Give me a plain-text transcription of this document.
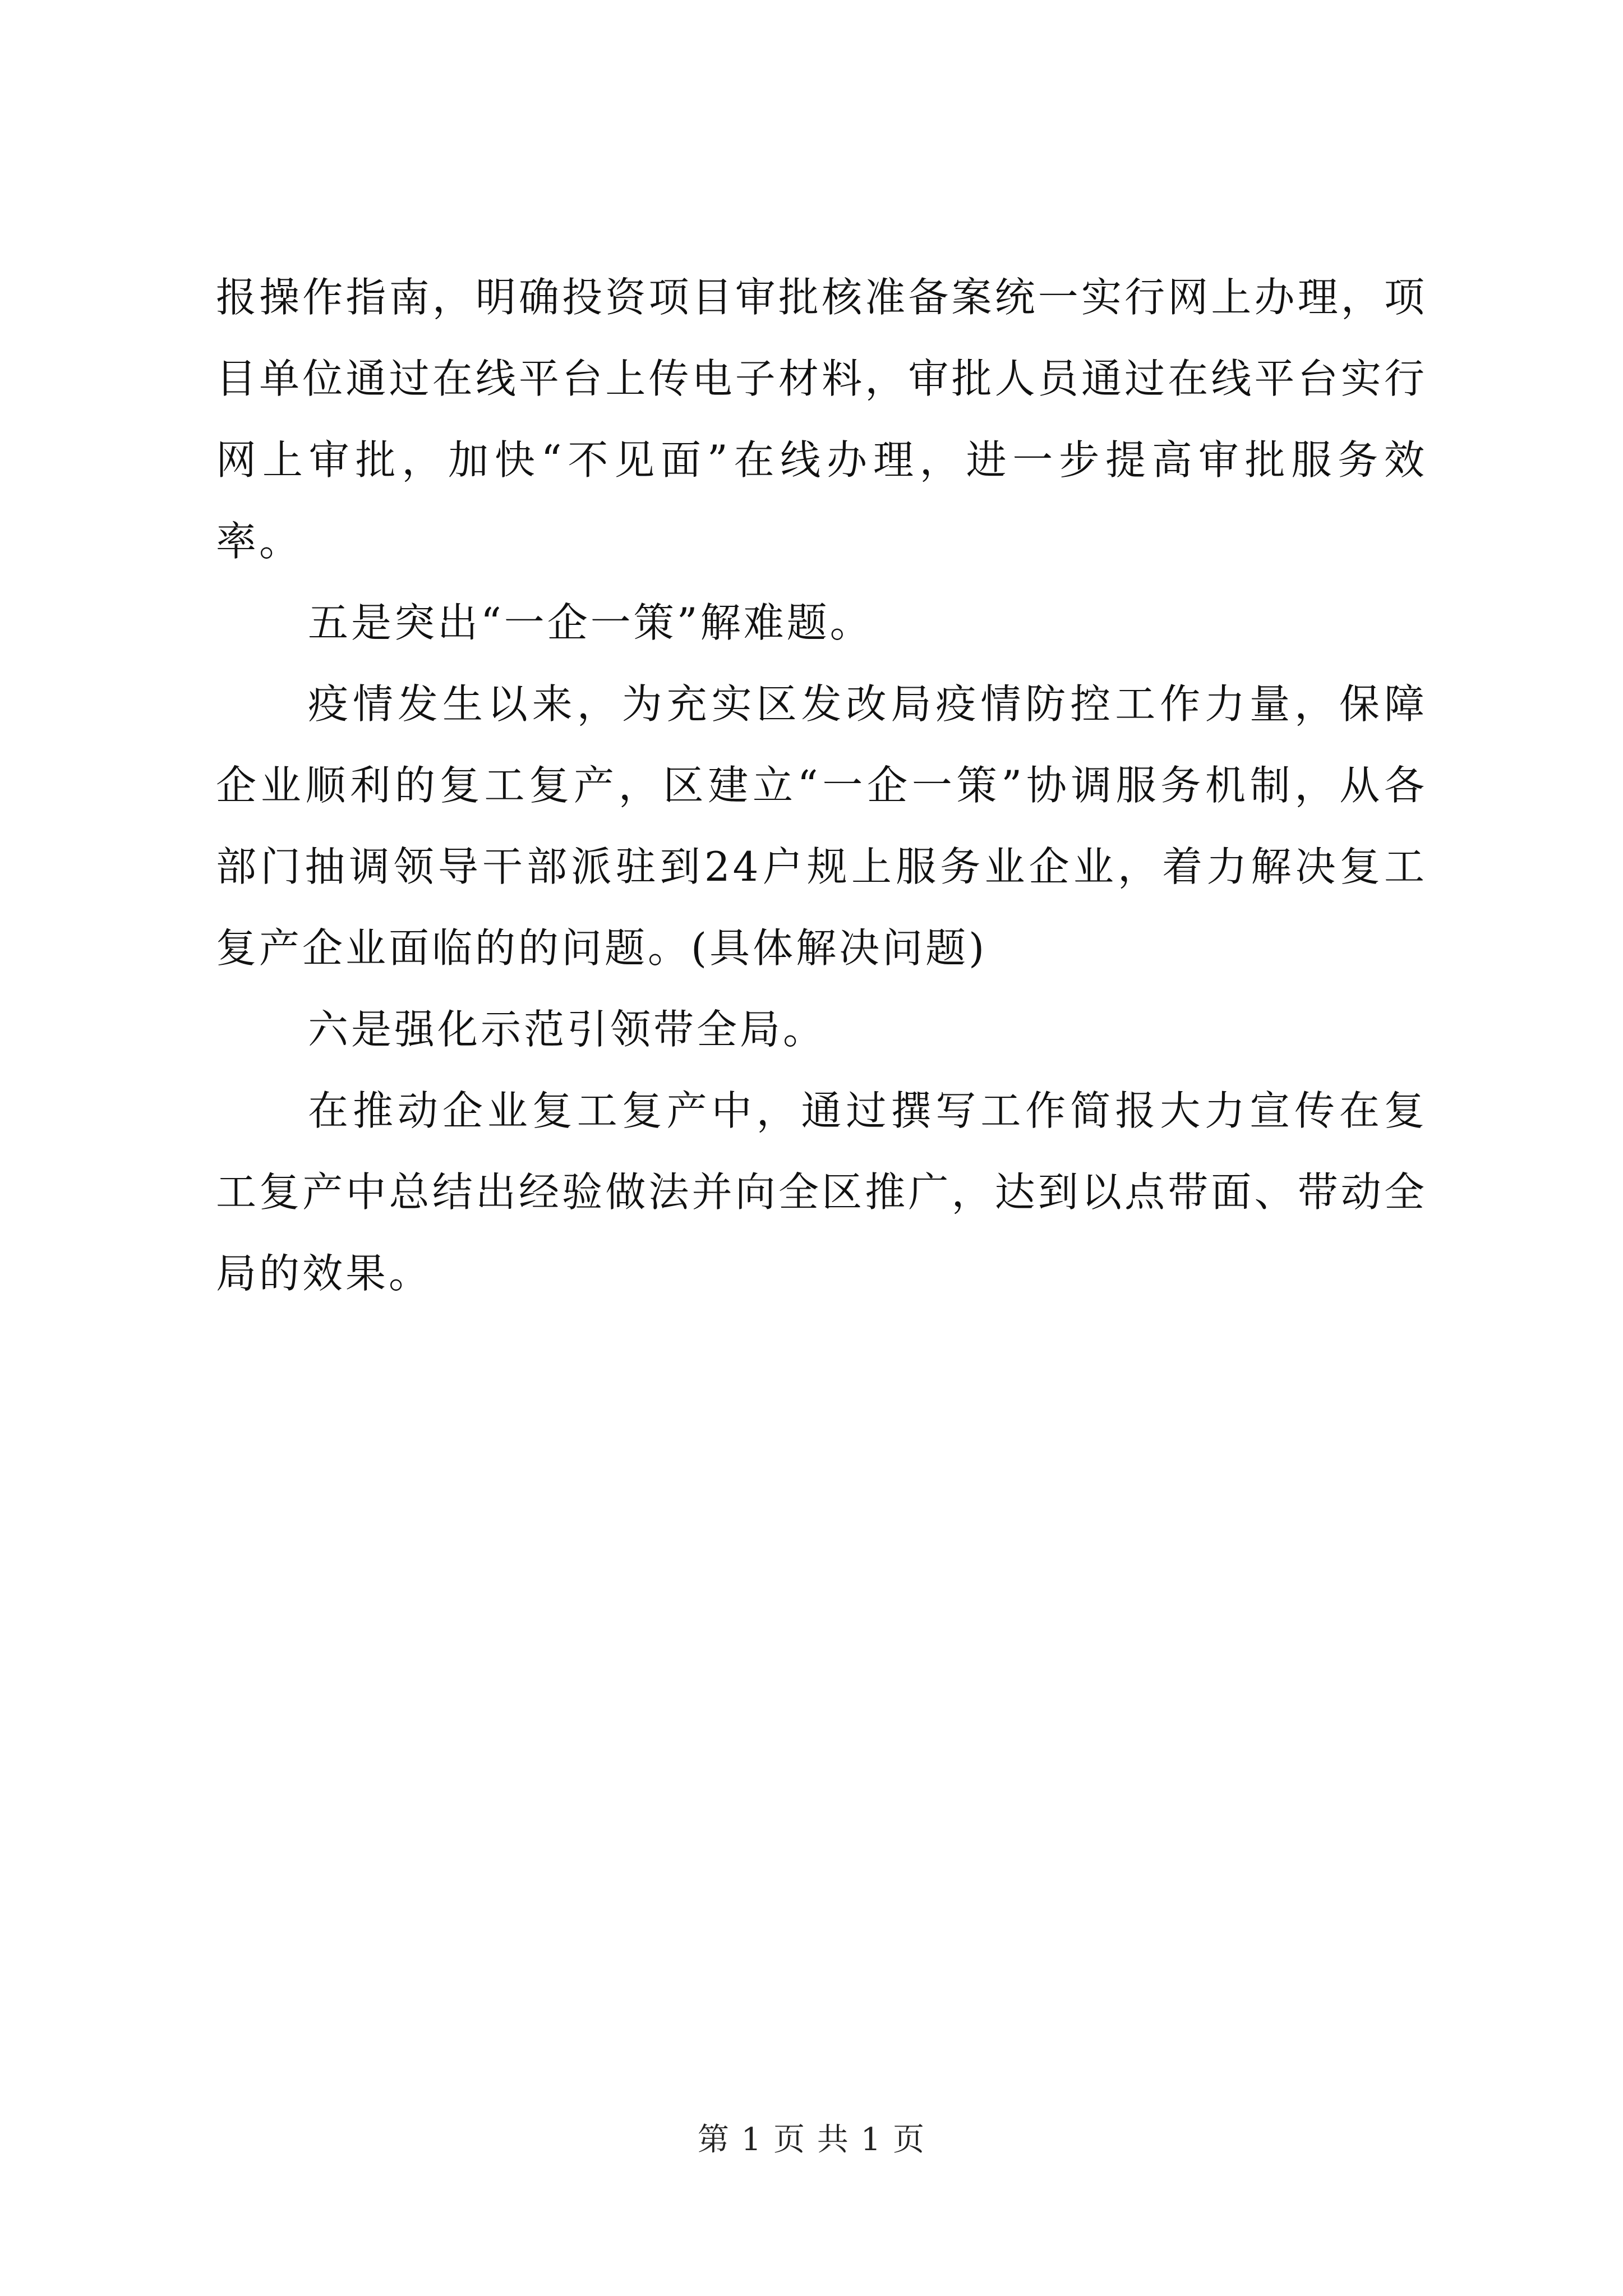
报操作指南，明确投资项目审批核准备案统一实行网上办理，项目单位通过在线平台上传电子材料，审批人员通过在线平台实行网上审批，加快“不见面”在线办理，进一步提高审批服务效率。

五是突出“一企一策”解难题。

疫情发生以来，为充实区发改局疫情防控工作力量，保障企业顺利的复工复产，区建立“一企一策”协调服务机制，从各部门抽调领导干部派驻到24户规上服务业企业，着力解决复工复产企业面临的的问题。(具体解决问题)

六是强化示范引领带全局。

在推动企业复工复产中，通过撰写工作简报大力宣传在复工复产中总结出经验做法并向全区推广，达到以点带面、带动全局的效果。

第 1 页 共 1 页
